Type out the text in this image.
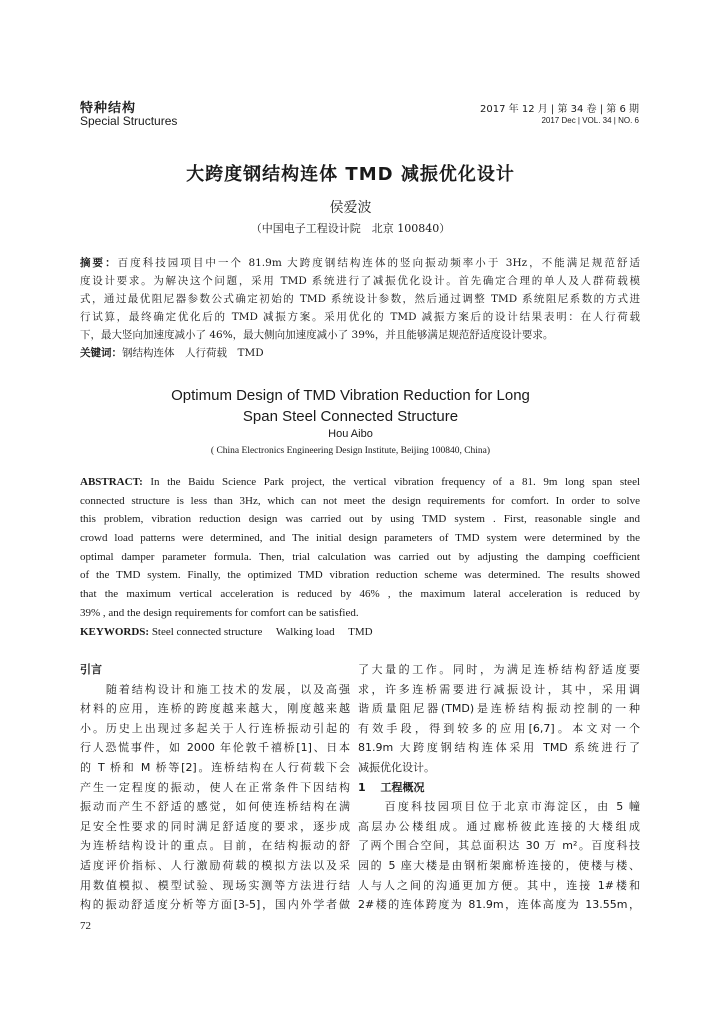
特种结构
Special Structures
2017 年 12 月 | 第 34 卷 | 第 6 期
2017 Dec | VOL. 34 | NO. 6
大跨度钢结构连体 TMD 减振优化设计
侯爱波
（中国电子工程设计院　北京 100840）
摘要：百度科技园项目中一个 81.9m 大跨度钢结构连体的竖向振动频率小于 3Hz，不能满足规范舒适
度设计要求。为解决这个问题，采用 TMD 系统进行了减振优化设计。首先确定合理的单人及人群荷载模
式，通过最优阻尼器参数公式确定初始的 TMD 系统设计参数，然后通过调整 TMD 系统阻尼系数的方式进
行试算，最终确定优化后的 TMD 减振方案。采用优化的 TMD 减振方案后的设计结果表明：在人行荷载
下，最大竖向加速度减小了 46%，最大侧向加速度减小了 39%，并且能够满足规范舒适度设计要求。
关键词：钢结构连体　人行荷载　TMD
Optimum Design of TMD Vibration Reduction for Long
Span Steel Connected Structure
Hou Aibo
( China Electronics Engineering Design Institute, Beijing 100840, China)
ABSTRACT: In the Baidu Science Park project, the vertical vibration frequency of a 81. 9m long span steel
connected structure is less than 3Hz, which can not meet the design requirements for comfort. In order to solve
this problem, vibration reduction design was carried out by using TMD system . First, reasonable single and
crowd load patterns were determined, and The initial design parameters of TMD system were determined by the
optimal damper parameter formula. Then, trial calculation was carried out by adjusting the damping coefficient
of the TMD system. Finally, the optimized TMD vibration reduction scheme was determined. The results showed
that the maximum vertical acceleration is reduced by 46% , the maximum lateral acceleration is reduced by
39% , and the design requirements for comfort can be satisfied.
KEYWORDS: Steel connected structure　 Walking load　 TMD
引言
　　随着结构设计和施工技术的发展，以及高强
材料的应用，连桥的跨度越来越大，刚度越来越
小。历史上出现过多起关于人行连桥振动引起的
行人恐慌事件，如 2000 年伦敦千禧桥[1]、日本
的 T 桥和 M 桥等[2]。连桥结构在人行荷载下会
产生一定程度的振动，使人在正常条件下因结构
振动而产生不舒适的感觉，如何使连桥结构在满
足安全性要求的同时满足舒适度的要求，逐步成
为连桥结构设计的重点。目前，在结构振动的舒
适度评价指标、人行激励荷载的模拟方法以及采
用数值模拟、模型试验、现场实测等方法进行结
构的振动舒适度分析等方面[3-5]，国内外学者做
了大量的工作。同时，为满足连桥结构舒适度要
求，许多连桥需要进行减振设计，其中，采用调
谐质量阻尼器(TMD)是连桥结构振动控制的一种
有效手段，得到较多的应用[6,7]。本文对一个
81.9m 大跨度钢结构连体采用 TMD 系统进行了
减振优化设计。
1　 工程概况
　　百度科技园项目位于北京市海淀区，由 5 幢
高层办公楼组成。通过廊桥彼此连接的大楼组成
了两个围合空间，其总面积达 30 万 m²。百度科技
园的 5 座大楼是由钢桁架廊桥连接的，使楼与楼、
人与人之间的沟通更加方便。其中，连接 1#楼和
2#楼的连体跨度为 81.9m，连体高度为 13.55m，
72
